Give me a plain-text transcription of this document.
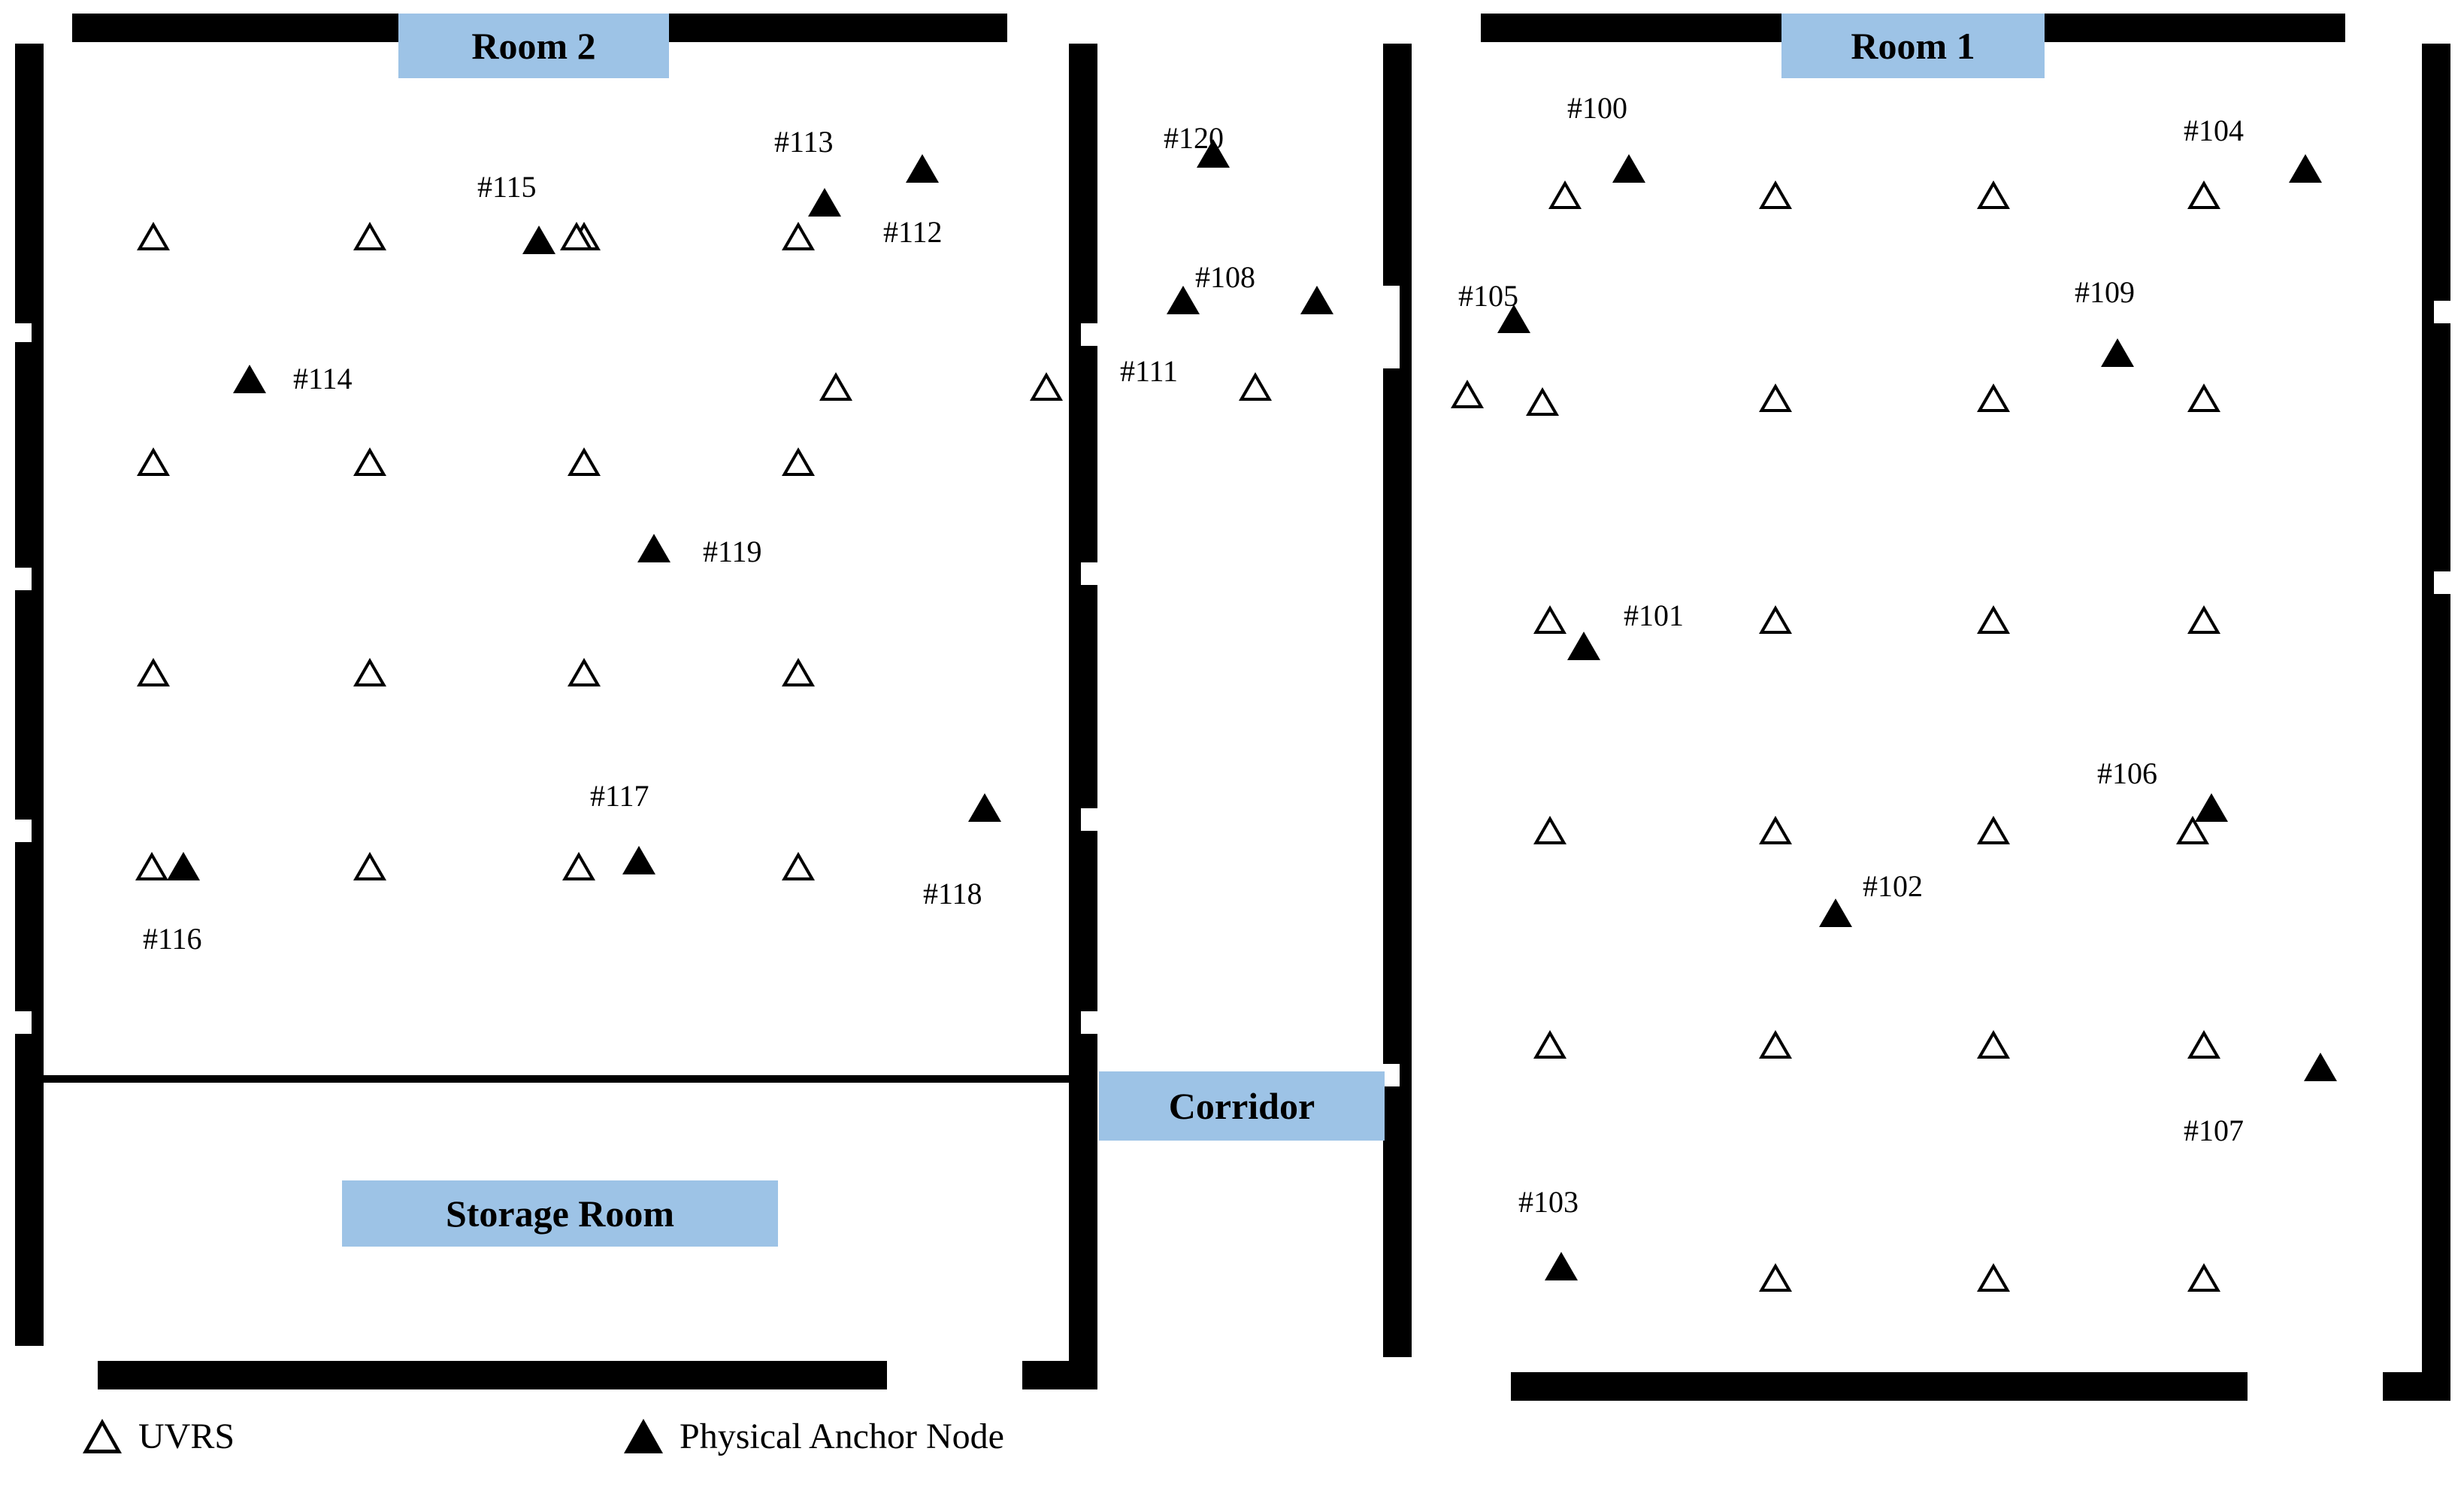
Room 2
Storage Room
Room 1
Corridor
#115
#113
#112
#114
#119
#117
#116
#118
#120
#111
#108
#100
#104
#105	#109
#101
#106
#102
#107
#103
UVRS	Physical Anchor Node
